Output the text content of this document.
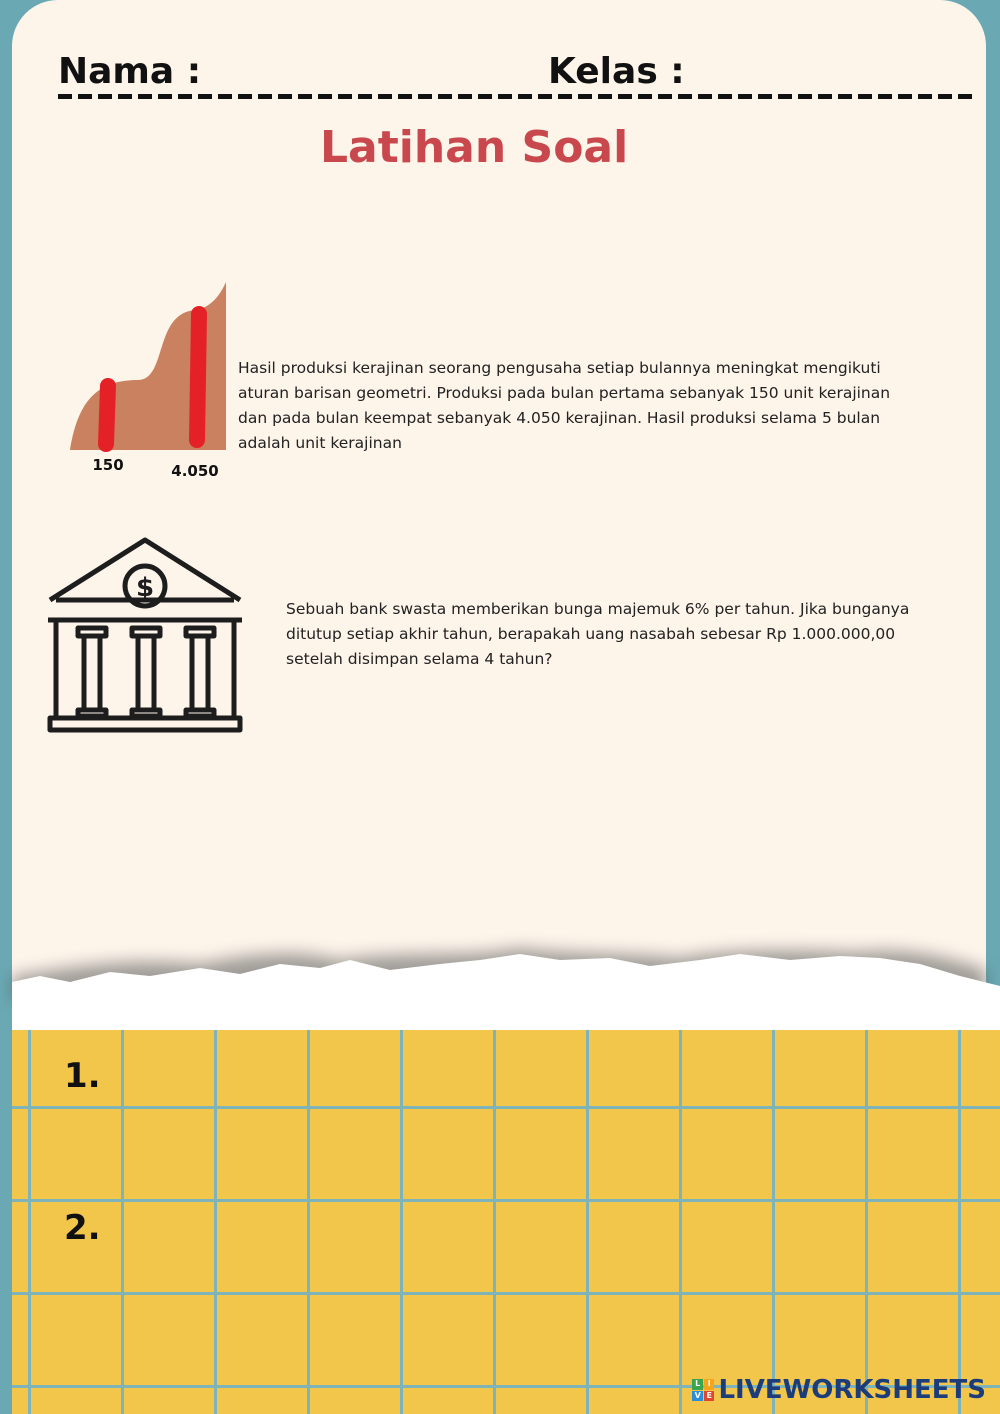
Nama :	Kelas :
Latihan Soal
150	4.050
Hasil produksi kerajinan seorang pengusaha setiap bulannya meningkat mengikuti aturan barisan geometri. Produksi pada bulan pertama sebanyak 150 unit kerajinan dan pada bulan keempat sebanyak 4.050 kerajinan. Hasil produksi selama 5 bulan adalah unit kerajinan
$
Sebuah bank swasta memberikan bunga majemuk 6% per tahun. Jika bunganya ditutup setiap akhir tahun, berapakah uang nasabah sebesar Rp 1.000.000,00 setelah disimpan selama 4 tahun?
1.
2.
L I
V E LIVEWORKSHEETS
